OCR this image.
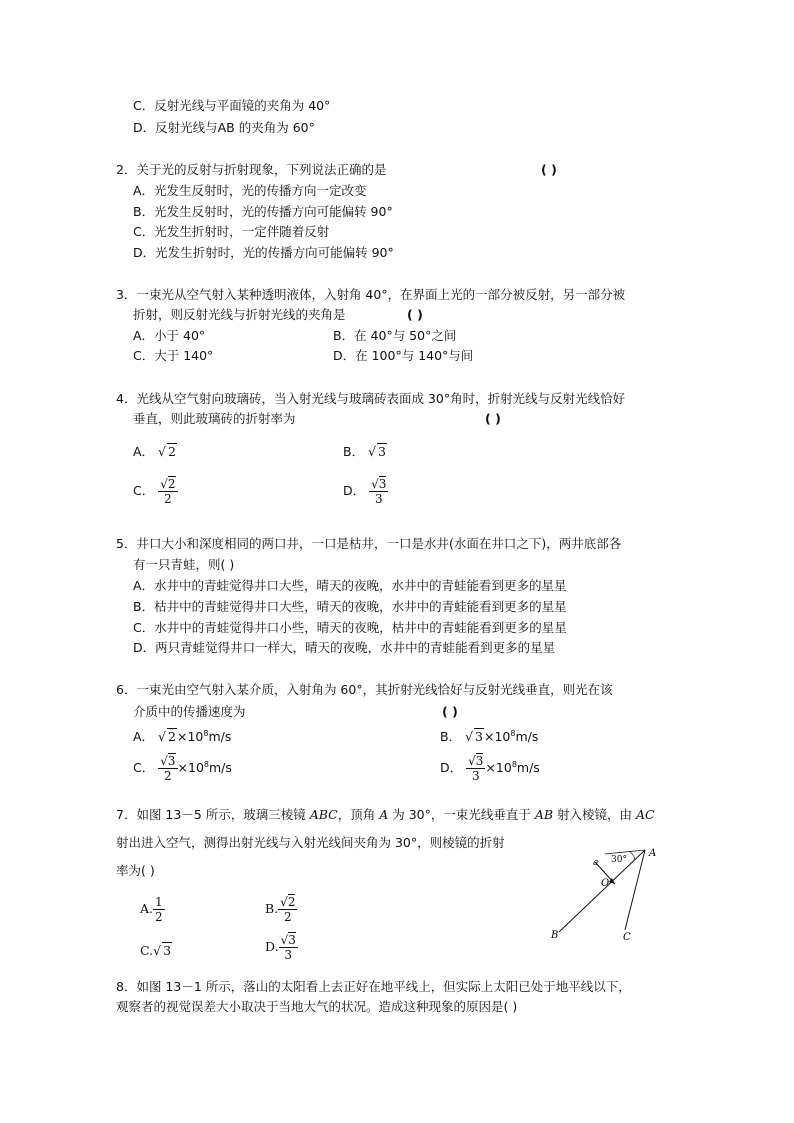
C．反射光线与平面镜的夹角为 40°
D．反射光线与AB 的夹角为 60°
2．关于光的反射与折射现象，下列说法正确的是	( )
A．光发生反射时，光的传播方向一定改变
B．光发生反射时，光的传播方向可能偏转 90°
C．光发生折射时，一定伴随着反射
D．光发生折射时，光的传播方向可能偏转 90°
3．一束光从空气射入某种透明液体，入射角 40°，在界面上光的一部分被反射，另一部分被
折射，则反射光线与折射光线的夹角是	( )
A．小于 40°	B．在 40°与 50°之间
C．大于 140°	D．在 100°与 140°与间
4．光线从空气射向玻璃砖，当入射光线与玻璃砖表面成 30°角时，折射光线与反射光线恰好
垂直，则此玻璃砖的折射率为	( )
A． √ 2	B． √ 3
C． $\frac{√2}{2}$	D． $\frac{√3}{3}$
5．井口大小和深度相同的两口井，一口是枯井，一口是水井(水面在井口之下)，两井底部各
有一只青蛙，则( )
A．水井中的青蛙觉得井口大些，晴天的夜晚，水井中的青蛙能看到更多的星星
B．枯井中的青蛙觉得井口大些，晴天的夜晚，水井中的青蛙能看到更多的星星
C．水井中的青蛙觉得井口小些，晴天的夜晚，枯井中的青蛙能看到更多的星星
D．两只青蛙觉得井口一样大，晴天的夜晚，水井中的青蛙能看到更多的星星
6．一束光由空气射入某介质，入射角为 60°，其折射光线恰好与反射光线垂直，则光在该
介质中的传播速度为	( )
A． √ $2\times 10^8m/s$	B． √ $3\times 10^8m/s$
C． $\frac{√3}{2} \times 10^8m/s$	D． $\frac{√3}{3} \times 10^8m/s$
7．如图 13－5 所示，玻璃三棱镜 ABC，顶角 A 为 30°，一束光线垂直于 AB 射入棱镜，由 AC
射出进入空气，测得出射光线与入射光线间夹角为 30°，则棱镜的折射
率为( )
A. $\frac{1}{2}$	B. $\frac{√2}{2}$
C.√ 3	D. $\frac{√3}{3}$
30°
a
O
A
B	C
8．如图 13－1 所示，落山的太阳看上去正好在地平线上，但实际上太阳已处于地平线以下，
观察者的视觉误差大小取决于当地大气的状况。造成这种现象的原因是( )
